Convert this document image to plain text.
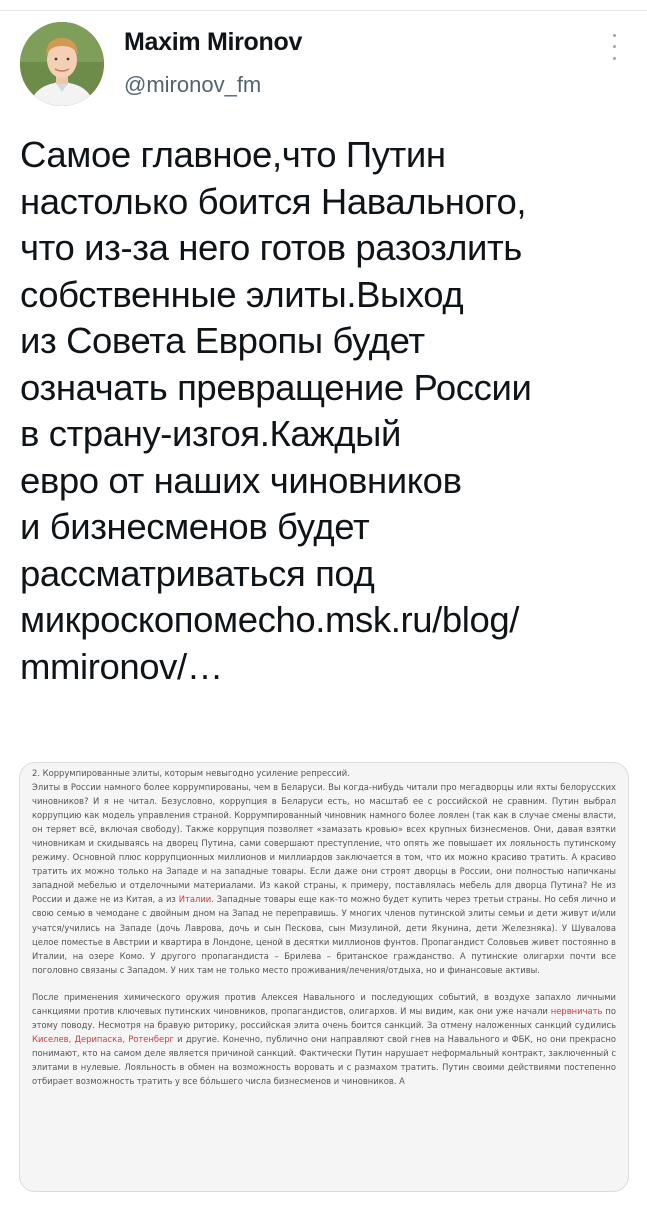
Maxim Mironov
@mironov_fm
Самое главное,что Путин
настолько боится Навального,
что из-за него готов разозлить
собственные элиты.Выход
из Совета Европы будет
означать превращение России
в страну-изгоя.Каждый
евро от наших чиновников
и бизнесменов будет
рассматриваться под
микроскопомесho.msk.ru/blog/
mmironov/…

2. Коррумпированные элиты, которым невыгодно усиление репрессий.
Элиты в России намного более коррумпированы, чем в Беларуси. Вы когда-нибудь читали про мегадворцы или яхты белорусских чиновников? И я не читал. Безусловно, коррупция в Беларуси есть, но масштаб ее с российской не сравним. Путин выбрал коррупцию как модель управления страной. Коррумпированный чиновник намного более лоялен (так как в случае смены власти, он теряет всё, включая свободу). Также коррупция позволяет «замазать кровью» всех крупных бизнесменов. Они, давая взятки чиновникам и скидываясь на дворец Путина, сами совершают преступление, что опять же повышает их лояльность путинскому режиму. Основной плюс коррупционных миллионов и миллиардов заключается в том, что их можно красиво тратить. А красиво тратить их можно только на Западе и на западные товары. Если даже они строят дворцы в России, они полностью напичканы западной мебелью и отделочными материалами. Из какой страны, к примеру, поставлялась мебель для дворца Путина? Не из России и даже не из Китая, а из Италии. Западные товары еще как-то можно будет купить через третьи страны. Но себя лично и свою семью в чемодане с двойным дном на Запад не переправишь. У многих членов путинской элиты семьи и дети живут и/или учатся/учились на Западе (дочь Лаврова, дочь и сын Пескова, сын Мизулиной, дети Якунина, дети Железняка). У Шувалова целое поместье в Австрии и квартира в Лондоне, ценой в десятки миллионов фунтов. Пропагандист Соловьев живет постоянно в Италии, на озере Комо. У другого пропагандиста – Брилева – британское гражданство. А путинские олигархи почти все поголовно связаны с Западом. У них там не только место проживания/лечения/отдыха, но и финансовые активы.

После применения химического оружия против Алексея Навального и последующих событий, в воздухе запахло личными санкциями против ключевых путинских чиновников, пропагандистов, олигархов. И мы видим, как они уже начали нервничать по этому поводу. Несмотря на бравую риторику, российская элита очень боится санкций. За отмену наложенных санкций судились Киселев, Дерипаска, Ротенберг и другие. Конечно, публично они направляют свой гнев на Навального и ФБК, но они прекрасно понимают, кто на самом деле является причиной санкций. Фактически Путин нарушает неформальный контракт, заключенный с элитами в нулевые. Лояльность в обмен на возможность воровать и с размахом тратить. Путин своими действиями постепенно отбирает возможность тратить у все бо́льшего числа бизнесменов и чиновников. А
